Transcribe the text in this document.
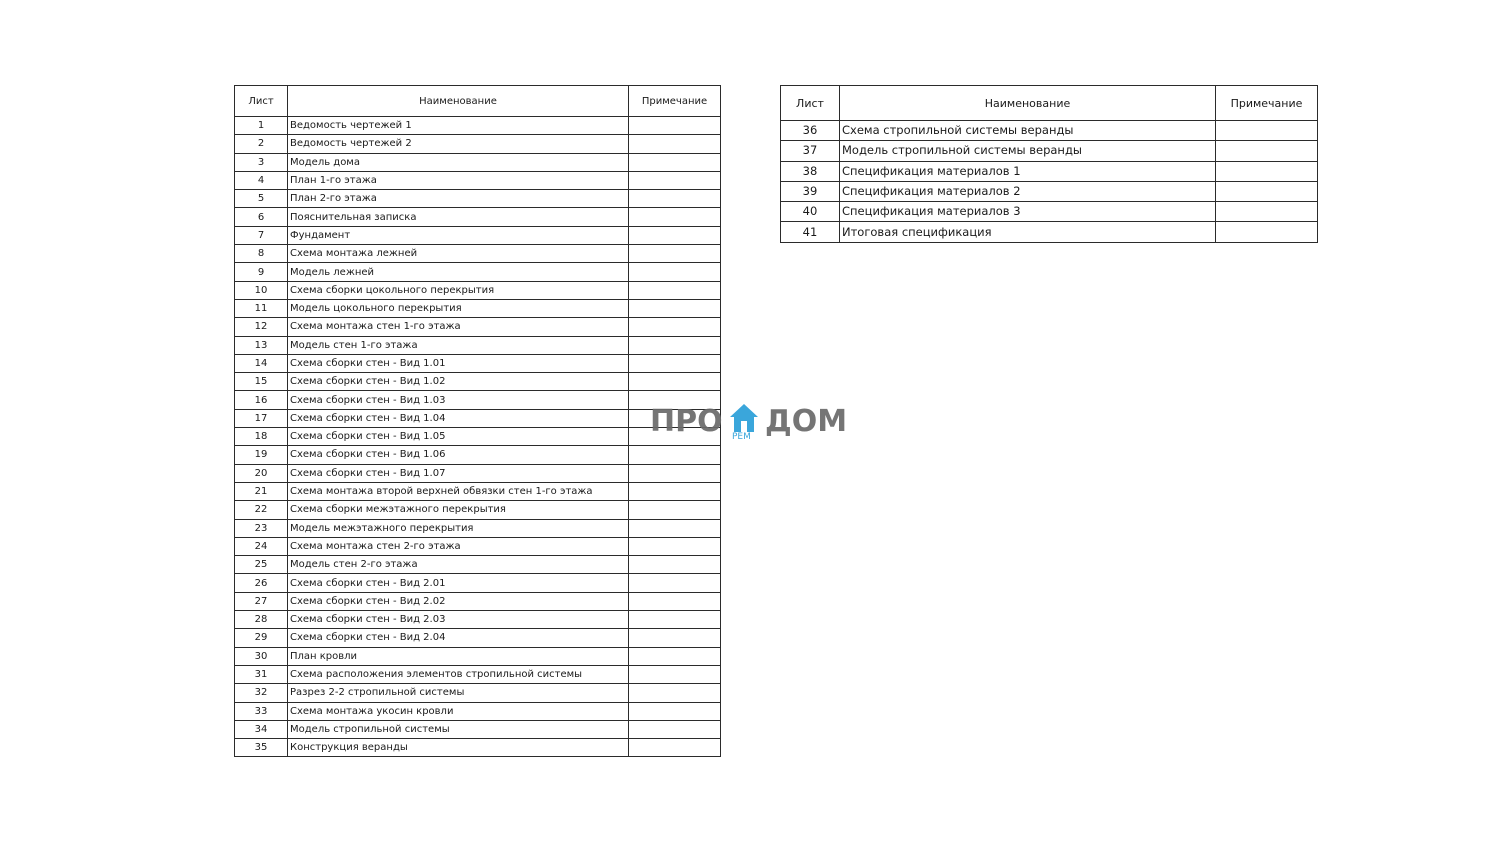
Лист	Наименование	Примечание
1	Ведомость чертежей 1	
2	Ведомость чертежей 2	
3	Модель дома	
4	План 1-го этажа	
5	План 2-го этажа	
6	Пояснительная записка	
7	Фундамент	
8	Схема монтажа лежней	
9	Модель лежней	
10	Схема сборки цокольного перекрытия	
11	Модель цокольного перекрытия	
12	Схема монтажа стен 1-го этажа	
13	Модель стен 1-го этажа	
14	Схема сборки стен - Вид 1.01	
15	Схема сборки стен - Вид 1.02	
16	Схема сборки стен - Вид 1.03	
17	Схема сборки стен - Вид 1.04	
18	Схема сборки стен - Вид 1.05	
19	Схема сборки стен - Вид 1.06	
20	Схема сборки стен - Вид 1.07	
21	Схема монтажа второй верхней обвязки стен 1-го этажа	
22	Схема сборки межэтажного перекрытия	
23	Модель межэтажного перекрытия	
24	Схема монтажа стен 2-го этажа	
25	Модель стен 2-го этажа	
26	Схема сборки стен - Вид 2.01	
27	Схема сборки стен - Вид 2.02	
28	Схема сборки стен - Вид 2.03	
29	Схема сборки стен - Вид 2.04	
30	План кровли	
31	Схема расположения элементов стропильной системы	
32	Разрез 2-2 стропильной системы	
33	Схема монтажа укосин кровли	
34	Модель стропильной системы	
35	Конструкция веранды	
Лист	Наименование	Примечание
36	Схема стропильной системы веранды	
37	Модель стропильной системы веранды	
38	Спецификация материалов 1	
39	Спецификация материалов 2	
40	Спецификация материалов 3	
41	Итоговая спецификация	
ПРО РЕМ ДОМ
